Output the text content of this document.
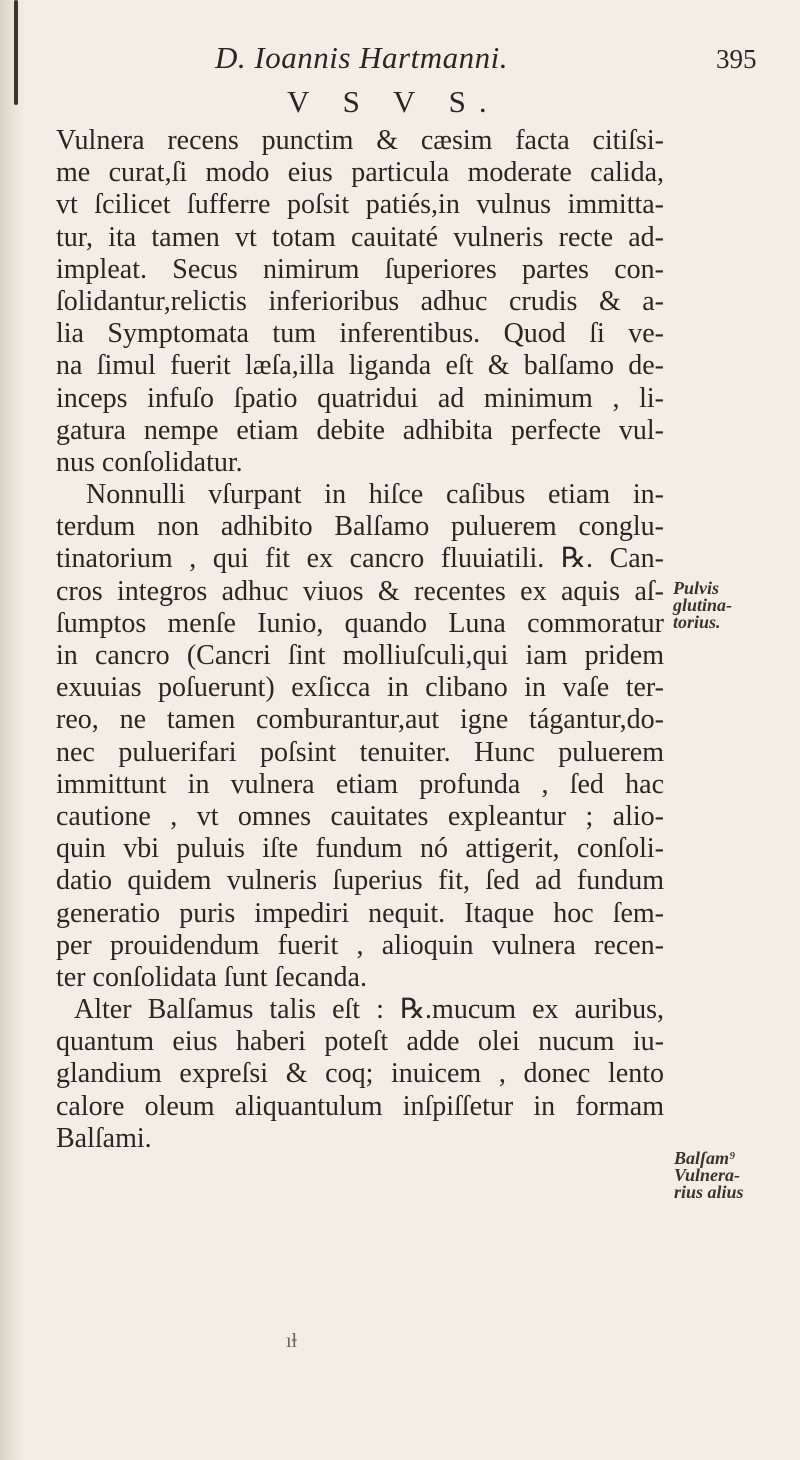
D. Ioannis Hartmanni.	395
V S V S.
Vulnera recens punctim & cæsim facta citiſsi-
me curat,ſi modo eius particula moderate calida,
vt ſcilicet ſufferre poſsit patiés,in vulnus immitta-
tur, ita tamen vt totam cauitaté vulneris recte ad-
impleat. Secus nimirum ſuperiores partes con-
ſolidantur,relictis inferioribus adhuc crudis & a-
lia Symptomata tum inferentibus. Quod ſi ve-
na ſimul fuerit læſa,illa liganda eſt & balſamo de-
inceps infuſo ſpatio quatridui ad minimum , li-
gatura nempe etiam debite adhibita perfecte vul-
nus conſolidatur.
Nonnulli vſurpant in hiſce caſibus etiam in-
terdum non adhibito Balſamo puluerem conglu-
tinatorium , qui fit ex cancro fluuiatili. ℞. Can-
cros integros adhuc viuos & recentes ex aquis aſ-
ſumptos menſe Iunio, quando Luna commoratur
in cancro (Cancri ſint molliuſculi,qui iam pridem
exuuias poſuerunt) exſicca in clibano in vaſe ter-
reo, ne tamen comburantur,aut igne tágantur,do-
nec puluerifari poſsint tenuiter. Hunc puluerem
immittunt in vulnera etiam profunda , ſed hac
cautione , vt omnes cauitates expleantur ; alio-
quin vbi puluis iſte fundum nó attigerit, conſoli-
datio quidem vulneris ſuperius fit, ſed ad fundum
generatio puris impediri nequit. Itaque hoc ſem-
per prouidendum fuerit , alioquin vulnera recen-
ter conſolidata ſunt ſecanda.
Alter Balſamus talis eſt : ℞.mucum ex auribus,
quantum eius haberi poteſt adde olei nucum iu-
glandium expreſsi & coq; inuicem , donec lento
calore oleum aliquantulum inſpiſſetur in formam
Balſami.
Pulvis
glutina-
torius.
Balſam⁹
Vulnera-
rius alius
ıⱡ
